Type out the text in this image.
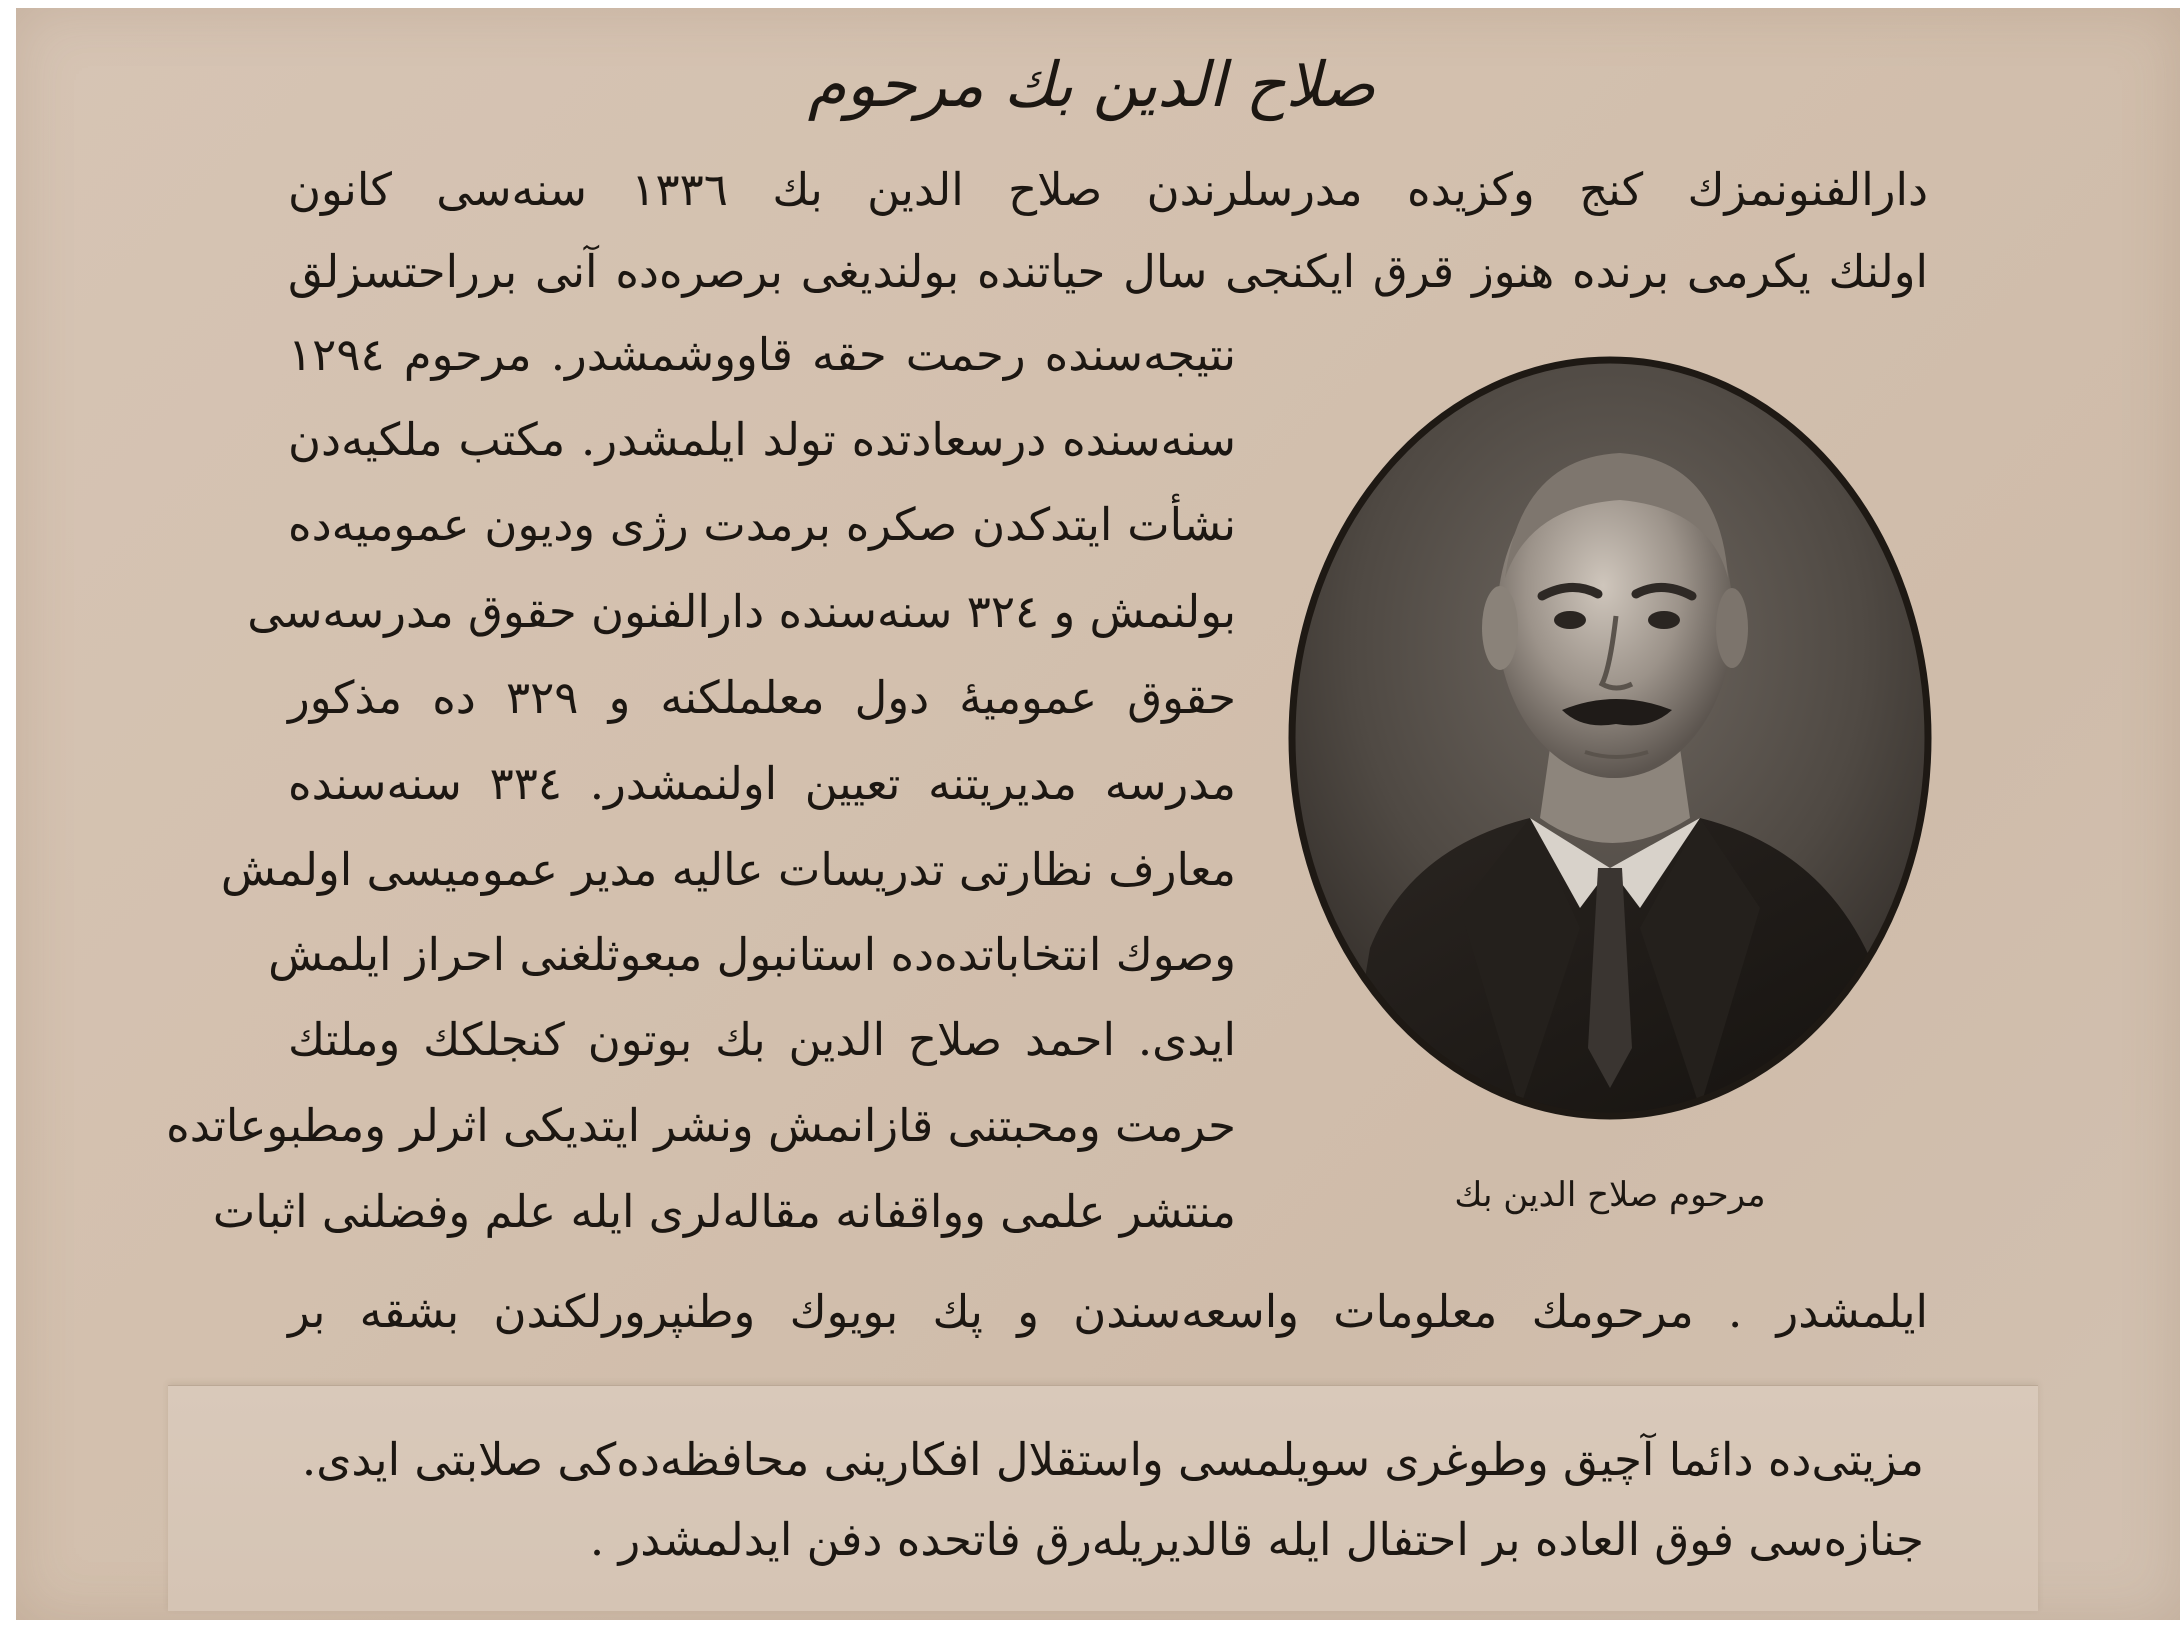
صلاح الدین بك مرحوم

دارالفنونمزك كنج وكزیده مدرسلرندن صلاح الدین بك ١٣٣٦ سنه‌سی كانون

اولنك یكرمی برنده هنوز قرق ایكنجی سال حیاتنده بولندیغی برصره‌ده آنی برراحتسزلق

نتیجه‌سنده رحمت حقه قاووشمشدر. مرحوم ١٢٩٤

سنه‌سنده درسعادتده تولد ایلمشدر. مكتب ملكیه‌دن

نشأت ایتدكدن صكره برمدت رژی ودیون عمومیه‌ده

بولنمش و ٣٢٤ سنه‌سنده دارالفنون حقوق مدرسه‌سی

حقوق عمومیهٔ دول معلملكنه و ٣٢٩ ده مذكور

مدرسه مدیریتنه تعیین اولنمشدر. ٣٣٤ سنه‌سنده

معارف نظارتی تدریسات عالیه مدیر عمومیسی اولمش

وصوك انتخاباتده‌ده استانبول مبعوثلغنی احراز ایلمش

ایدی. احمد صلاح الدین بك بوتون كنجلكك وملتك

حرمت ومحبتنی قازانمش ونشر ایتدیكی اثرلر ومطبوعاتده

منتشر علمی وواقفانه مقاله‌لری ایله علم وفضلنی اثبات

ایلمشدر . مرحومك معلومات واسعه‌سندن و پك بویوك وطنپرورلكندن بشقه بر

مزیتی‌ده دائما آچیق وطوغری سویلمسی واستقلال افكارینی محافظه‌ده‌كی صلابتی ایدی.

جنازه‌سی فوق العاده بر احتفال ایله قالدیریله‌رق فاتحده دفن ایدلمشدر .

مرحوم صلاح الدین بك
